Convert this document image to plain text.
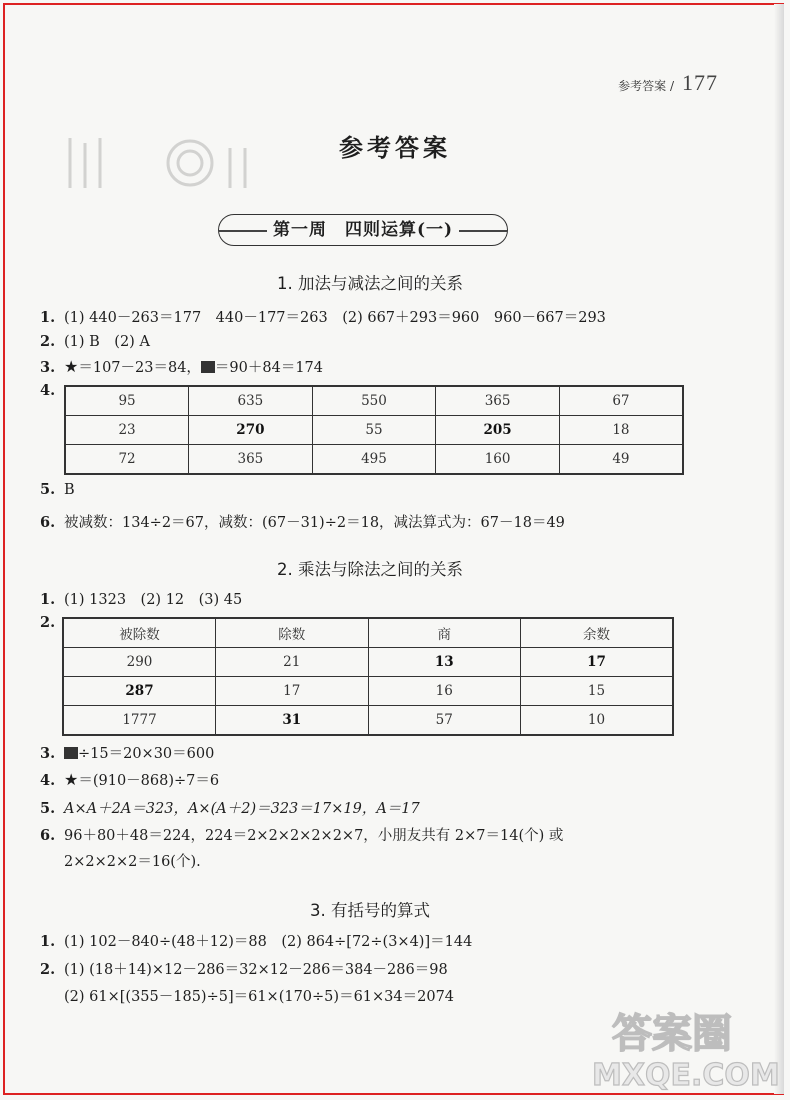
参考答案 / 177
参考答案
第一周　四则运算(一)
1. 加法与减法之间的关系
1. (1) 440－263＝177　440－177＝263　(2) 667＋293＝960　960－667＝293
2. (1) B　(2) A
3. ★＝107－23＝84， ＝90＋84＝174
4.
95	635	550	365	67
23	270	55	205	18
72	365	495	160	49
5. B
6. 被减数：134÷2＝67，减数：(67－31)÷2＝18，减法算式为：67－18＝49
2. 乘法与除法之间的关系
1. (1) 1323　(2) 12　(3) 45
2.
被除数	除数	商	余数
290	21	13	17
287	17	16	15
1777	31	57	10
3. ÷15＝20×30＝600
4. ★＝(910－868)÷7＝6
5. A×A＋2A＝323，A×(A＋2)＝323＝17×19，A＝17
6. 96＋80＋48＝224，224＝2×2×2×2×2×7，小朋友共有 2×7＝14(个) 或
2×2×2×2＝16(个).
3. 有括号的算式
1. (1) 102－840÷(48＋12)＝88　(2) 864÷[72÷(3×4)]＝144
2. (1) (18＋14)×12－286＝32×12－286＝384－286＝98
(2) 61×[(355－185)÷5]＝61×(170÷5)＝61×34＝2074
答案圈
MXQE.COM
